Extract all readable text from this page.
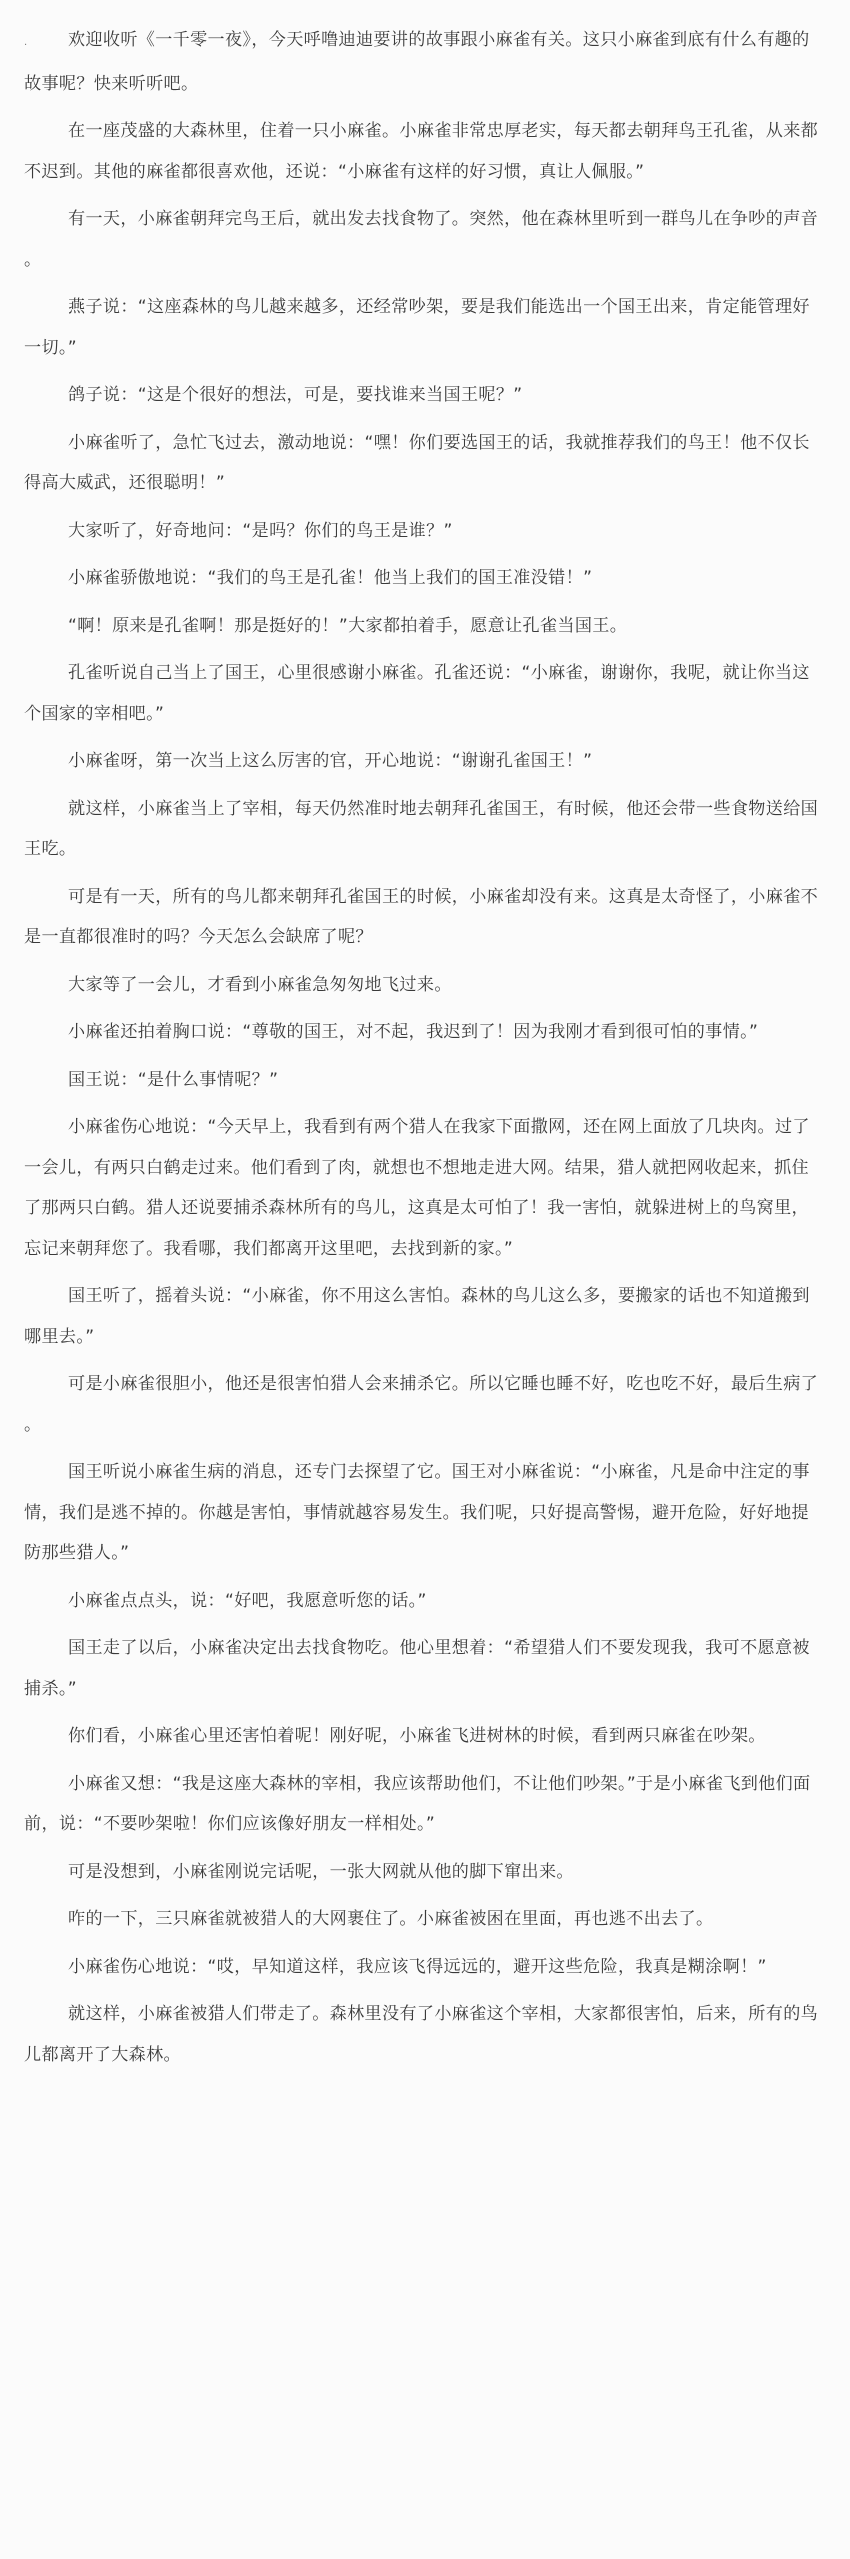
. 欢迎收听《一千零一夜》，今天呼噜迪迪要讲的故事跟小麻雀有关。这只小麻雀到底有什么有趣的故事呢？快来听听吧。

在一座茂盛的大森林里，住着一只小麻雀。小麻雀非常忠厚老实，每天都去朝拜鸟王孔雀，从来都不迟到。其他的麻雀都很喜欢他，还说：“小麻雀有这样的好习惯，真让人佩服。”

有一天，小麻雀朝拜完鸟王后，就出发去找食物了。突然，他在森林里听到一群鸟儿在争吵的声音。

燕子说：“这座森林的鸟儿越来越多，还经常吵架，要是我们能选出一个国王出来，肯定能管理好一切。”

鸽子说：“这是个很好的想法，可是，要找谁来当国王呢？”

小麻雀听了，急忙飞过去，激动地说：“嘿！你们要选国王的话，我就推荐我们的鸟王！他不仅长得高大威武，还很聪明！”

大家听了，好奇地问：“是吗？你们的鸟王是谁？”

小麻雀骄傲地说：“我们的鸟王是孔雀！他当上我们的国王准没错！”

“啊！原来是孔雀啊！那是挺好的！”大家都拍着手，愿意让孔雀当国王。

孔雀听说自己当上了国王，心里很感谢小麻雀。孔雀还说：“小麻雀，谢谢你，我呢，就让你当这个国家的宰相吧。”

小麻雀呀，第一次当上这么厉害的官，开心地说：“谢谢孔雀国王！”

就这样，小麻雀当上了宰相，每天仍然准时地去朝拜孔雀国王，有时候，他还会带一些食物送给国王吃。

可是有一天，所有的鸟儿都来朝拜孔雀国王的时候，小麻雀却没有来。这真是太奇怪了，小麻雀不是一直都很准时的吗？今天怎么会缺席了呢？

大家等了一会儿，才看到小麻雀急匆匆地飞过来。

小麻雀还拍着胸口说：“尊敬的国王，对不起，我迟到了！因为我刚才看到很可怕的事情。”

国王说：“是什么事情呢？”

小麻雀伤心地说：“今天早上，我看到有两个猎人在我家下面撒网，还在网上面放了几块肉。过了一会儿，有两只白鹤走过来。他们看到了肉，就想也不想地走进大网。结果，猎人就把网收起来，抓住了那两只白鹤。猎人还说要捕杀森林所有的鸟儿，这真是太可怕了！我一害怕，就躲进树上的鸟窝里，忘记来朝拜您了。我看哪，我们都离开这里吧，去找到新的家。”

国王听了，摇着头说：“小麻雀，你不用这么害怕。森林的鸟儿这么多，要搬家的话也不知道搬到哪里去。”

可是小麻雀很胆小，他还是很害怕猎人会来捕杀它。所以它睡也睡不好，吃也吃不好，最后生病了。

国王听说小麻雀生病的消息，还专门去探望了它。国王对小麻雀说：“小麻雀，凡是命中注定的事情，我们是逃不掉的。你越是害怕，事情就越容易发生。我们呢，只好提高警惕，避开危险，好好地提防那些猎人。”

小麻雀点点头，说：“好吧，我愿意听您的话。”

国王走了以后，小麻雀决定出去找食物吃。他心里想着：“希望猎人们不要发现我，我可不愿意被捕杀。”

你们看，小麻雀心里还害怕着呢！刚好呢，小麻雀飞进树林的时候，看到两只麻雀在吵架。

小麻雀又想：“我是这座大森林的宰相，我应该帮助他们，不让他们吵架。”于是小麻雀飞到他们面前，说：“不要吵架啦！你们应该像好朋友一样相处。”

可是没想到，小麻雀刚说完话呢，一张大网就从他的脚下窜出来。

咋的一下，三只麻雀就被猎人的大网裹住了。小麻雀被困在里面，再也逃不出去了。

小麻雀伤心地说：“哎，早知道这样，我应该飞得远远的，避开这些危险，我真是糊涂啊！”

就这样，小麻雀被猎人们带走了。森林里没有了小麻雀这个宰相，大家都很害怕，后来，所有的鸟儿都离开了大森林。
